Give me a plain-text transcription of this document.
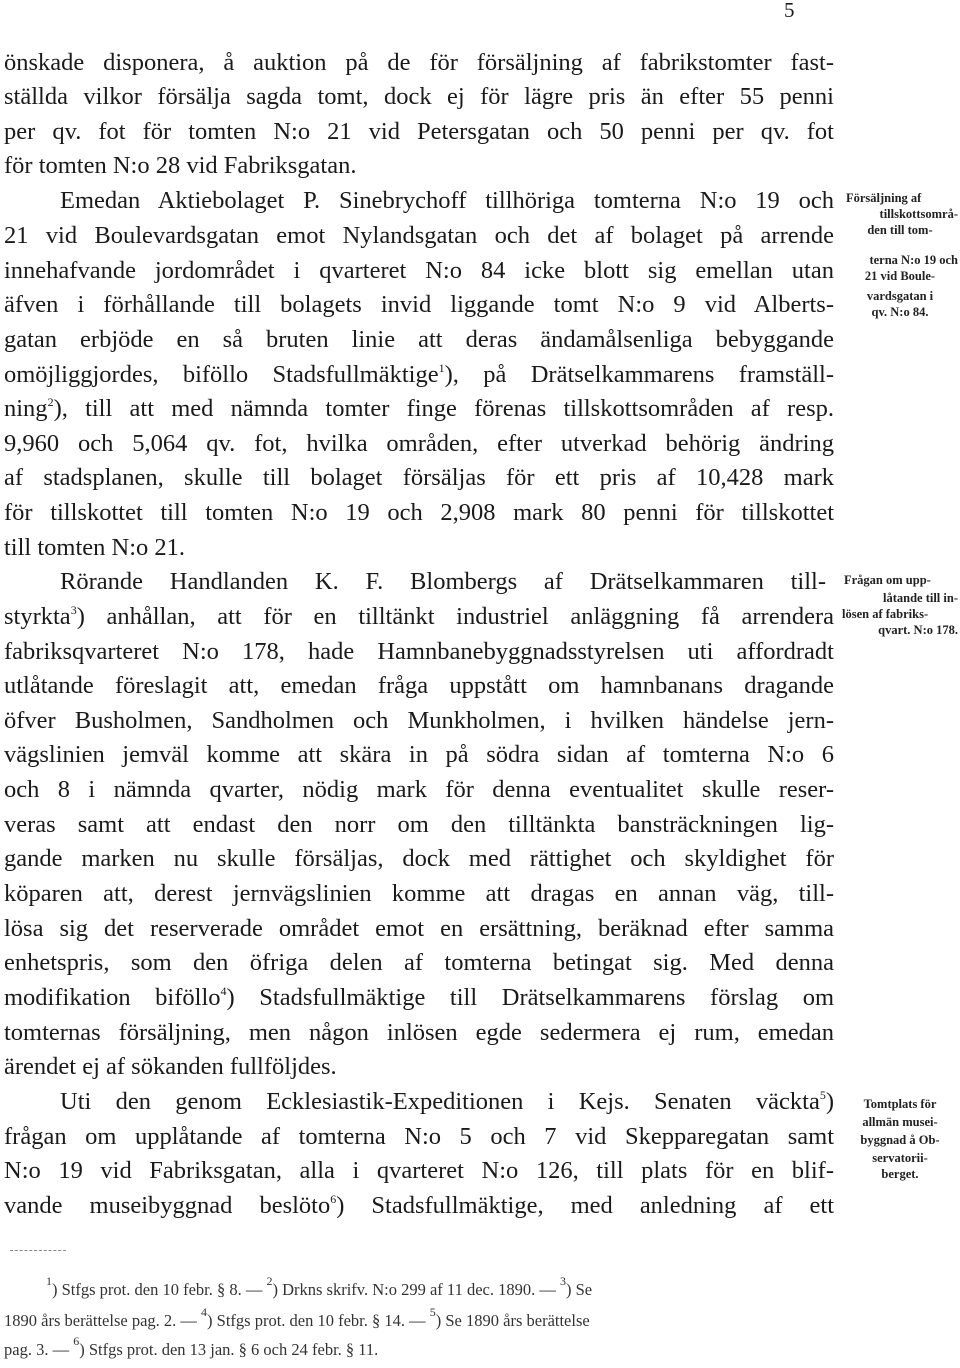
5
önskade disponera, å auktion på de för försäljning af fabrikstomter fast-
ställda vilkor försälja sagda tomt, dock ej för lägre pris än efter 55 penni
per qv. fot för tomten N:o 21 vid Petersgatan och 50 penni per qv. fot
för tomten N:o 28 vid Fabriksgatan.
Emedan Aktiebolaget P. Sinebrychoff tillhöriga tomterna N:o 19 och
21 vid Boulevardsgatan emot Nylandsgatan och det af bolaget på arrende
innehafvande jordområdet i qvarteret N:o 84 icke blott sig emellan utan
äfven i förhållande till bolagets invid liggande tomt N:o 9 vid Alberts-
gatan erbjöde en så bruten linie att deras ändamålsenliga bebyggande
omöjliggjordes, biföllo Stadsfullmäktige$^1$), på Drätselkammarens framställ-
ning$^2$), till att med nämnda tomter finge förenas tillskottsområden af resp.
9,960 och 5,064 qv. fot, hvilka områden, efter utverkad behörig ändring
af stadsplanen, skulle till bolaget försäljas för ett pris af 10,428 mark
för tillskottet till tomten N:o 19 och 2,908 mark 80 penni för tillskottet
till tomten N:o 21.
Rörande Handlanden K. F. Blombergs af Drätselkammaren till-
styrkta$^3$) anhållan, att för en tilltänkt industriel anläggning få arrendera
fabriksqvarteret N:o 178, hade Hamnbanebyggnadsstyrelsen uti affordradt
utlåtande föreslagit att, emedan fråga uppstått om hamnbanans dragande
öfver Busholmen, Sandholmen och Munkholmen, i hvilken händelse jern-
vägslinien jemväl komme att skära in på södra sidan af tomterna N:o 6
och 8 i nämnda qvarter, nödig mark för denna eventualitet skulle reser-
veras samt att endast den norr om den tilltänkta bansträckningen lig-
gande marken nu skulle försäljas, dock med rättighet och skyldighet för
köparen att, derest jernvägslinien komme att dragas en annan väg, till-
lösa sig det reserverade området emot en ersättning, beräknad efter samma
enhetspris, som den öfriga delen af tomterna betingat sig. Med denna
modifikation biföllo$^4$) Stadsfullmäktige till Drätselkammarens förslag om
tomternas försäljning, men någon inlösen egde sedermera ej rum, emedan
ärendet ej af sökanden fullföljdes.
Uti den genom Ecklesiastik-Expeditionen i Kejs. Senaten väckta$^5$)
frågan om upplåtande af tomterna N:o 5 och 7 vid Skepparegatan samt
N:o 19 vid Fabriksgatan, alla i qvarteret N:o 126, till plats för en blif-
vande museibyggnad beslöto$^6$) Stadsfullmäktige, med anledning af ett
Försäljning af
tillskottsområ-
den till tom-
terna N:o 19 och
21 vid Boule-
vardsgatan i
qv. N:o 84.
Frågan om upp-
låtande till in-
lösen af fabriks-
qvart. N:o 178.
Tomtplats för
allmän musei-
byggnad å Ob-
servatorii-
berget.
$^1$) Stfgs prot. den 10 febr. § 8. — $^2$) Drkns skrifv. N:o 299 af 11 dec. 1890. — $^3$) Se
1890 års berättelse pag. 2. — $^4$) Stfgs prot. den 10 febr. § 14. — $^5$) Se 1890 års berättelse
pag. 3. — $^6$) Stfgs prot. den 13 jan. § 6 och 24 febr. § 11.
